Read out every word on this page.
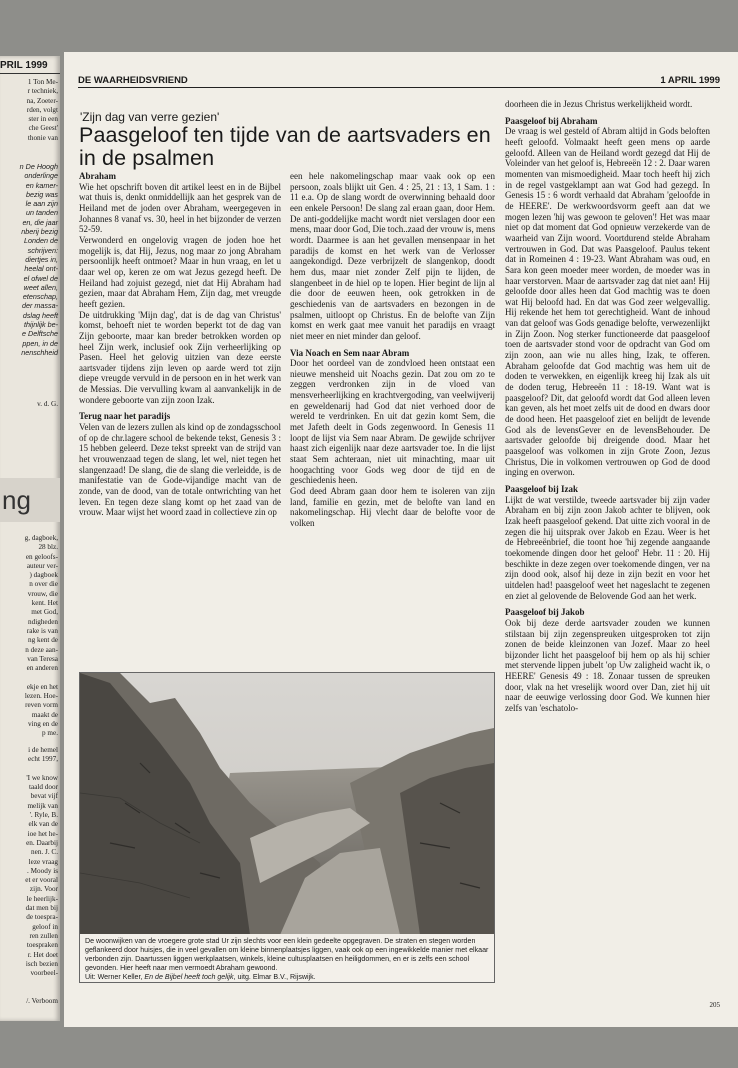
PRIL 1999
1 Ton Me-
r techniek,
na, Zoeter-
rden, volgt
ster in een
che Geest'
thonie van
n De Hoogh
onderlinge
en kamer-
bezig was
le aan zijn
un tanden
en, die jaar
nberij bezig
Londen de
schrijven:
diertjes in,
heelal ont-
el ofwel de
weet allen,
etenschap,
der massa-
dslag heeft
thijnlijk be-
e Delftsche
ppen, in de
nenschheid
v. d. G.
ng
g, dagboek,
28 blz.
en geloofs-
auteur ver-
) dagboek
n over die
vrouw, die
kent. Het
met God,
ndigheden
rake is van
ng kent de
n deze aan-
van Teresa
en anderen

ekje en het
lezen. Hoe-
reven vorm
maakt de
ving en de
p me.
i de hemel
echt 1997,

'I we know
taald door
bevat vijf
melijk van
'. Ryle, B.
elk van de
ioe het he-
en. Daarbij
nen. J. C.
leze vraag
. Moody is
et er vooral
zijn. Voor
le heerlijk-
dat men bij
de toespra-
geloof in
ren zullen
toespraken
r. Het doet
isch bezien
voorbeel-
/. Verboom
DE WAARHEIDSVRIEND	1 APRIL 1999
'Zijn dag van verre gezien'
Paasgeloof ten tijde van de aartsvaders en in de psalmen

Abraham

Wie het opschrift boven dit artikel leest en in de Bijbel wat thuis is, denkt onmiddellijk aan het gesprek van de Heiland met de joden over Abraham, weergegeven in Johannes 8 vanaf vs. 30, heel in het bijzonder de verzen 52-59.

Verwonderd en ongelovig vragen de joden hoe het mogelijk is, dat Hij, Jezus, nog maar zo jong Abraham persoonlijk heeft ontmoet? Maar in hun vraag, en let u daar wel op, keren ze om wat Jezus gezegd heeft. De Heiland had zojuist gezegd, niet dat Hij Abraham had gezien, maar dat Abraham Hem, Zijn dag, met vreugde heeft gezien.

De uitdrukking 'Mijn dag', dat is de dag van Christus' komst, behoeft niet te worden beperkt tot de dag van Zijn geboorte, maar kan breder betrokken worden op heel Zijn werk, inclusief ook Zijn verheerlijking op Pasen. Heel het gelovig uitzien van deze eerste aartsvader tijdens zijn leven op aarde werd tot zijn diepe vreugde vervuld in de persoon en in het werk van de Messias. Die vervulling kwam al aanvankelijk in de wondere geboorte van zijn zoon Izak.

Terug naar het paradijs

Velen van de lezers zullen als kind op de zondagsschool of op de chr.lagere school de bekende tekst, Genesis 3 : 15 hebben geleerd. Deze tekst spreekt van de strijd van het vrouwenzaad tegen de slang, let wel, niet tegen het slangenzaad! De slang, die de slang die verleidde, is de manifestatie van de Gode-vijandige macht van de zonde, van de dood, van de totale ontwrichting van het leven. En tegen deze slang komt op het zaad van de vrouw. Maar wijst het woord zaad in collectieve zin op

een hele nakomelingschap maar vaak ook op een persoon, zoals blijkt uit Gen. 4 : 25, 21 : 13, 1 Sam. 1 : 11 e.a. Op de slang wordt de overwinning behaald door een enkele Persoon! De slang zal eraan gaan, door Hem. De anti-goddelijke macht wordt niet verslagen door een mens, maar door God, Die toch..zaad der vrouw is, mens wordt. Daarmee is aan het gevallen mensenpaar in het paradijs de komst en het werk van de Verlosser aangekondigd. Deze verbrijzelt de slangenkop, doodt hem dus, maar niet zonder Zelf pijn te lijden, de slangenbeet in de hiel op te lopen. Hier begint de lijn al die door de eeuwen heen, ook getrokken in de geschiedenis van de aartsvaders en bezongen in de psalmen, uitloopt op Christus. En de belofte van Zijn komst en werk gaat mee vanuit het paradijs en vraagt niet meer en niet minder dan geloof.

Via Noach en Sem naar Abram

Door het oordeel van de zondvloed heen ontstaat een nieuwe mensheid uit Noachs gezin. Dat zou om zo te zeggen verdronken zijn in de vloed van mensverheerlijking en krachtvergoding, van veelwijverij en geweldenarij had God dat niet verhoed door de wereld te verdrinken. En uit dat gezin komt Sem, die met Jafeth deelt in Gods zegenwoord. In Genesis 11 loopt de lijst via Sem naar Abram. De gewijde schrijver haast zich eigenlijk naar deze aartsvader toe. In die lijst staat Sem achteraan, niet uit minachting, maar uit hoogachting voor Gods weg door de tijd en de geschiedenis heen.

God deed Abram gaan door hem te isoleren van zijn land, familie en gezin, met de belofte van land en nakomelingschap. Hij vlecht daar de belofte voor de volken

doorheen die in Jezus Christus werkelijkheid wordt.

Paasgeloof bij Abraham

De vraag is wel gesteld of Abram altijd in Gods beloften heeft geloofd. Volmaakt heeft geen mens op aarde geloofd. Alleen van de Heiland wordt gezegd dat Hij de Voleinder van het geloof is, Hebreeën 12 : 2. Daar waren momenten van mismoedigheid. Maar toch heeft hij zich in de regel vastgeklampt aan wat God had gezegd. In Genesis 15 : 6 wordt verhaald dat Abraham 'geloofde in de HEERE'. De werkwoordsvorm geeft aan dat we mogen lezen 'hij was gewoon te geloven'! Het was maar niet op dat moment dat God opnieuw verzekerde van de waarheid van Zijn woord. Voortdurend stelde Abraham vertrouwen in God. Dat was Paasgeloof. Paulus tekent dat in Romeinen 4 : 19-23. Want Abraham was oud, en Sara kon geen moeder meer worden, de moeder was in haar verstorven. Maar de aartsvader zag dat niet aan! Hij geloofde door alles heen dat God machtig was te doen wat Hij beloofd had. En dat was God zeer welgevallig. Hij rekende het hem tot gerechtigheid. Want de inhoud van dat geloof was Gods genadige belofte, verwezenlijkt in Zijn Zoon. Nog sterker functioneerde dat paasgeloof toen de aartsvader stond voor de opdracht van God om zijn zoon, aan wie nu alles hing, Izak, te offeren. Abraham geloofde dat God machtig was hem uit de doden te verwekken, en eigenlijk kreeg hij Izak als uit de doden terug, Hebreeën 11 : 18-19. Want wat is paasgeloof? Dit, dat geloofd wordt dat God alleen leven kan geven, als het moet zelfs uit de dood en dwars door de dood heen. Het paasgeloof ziet en belijdt de levende God als de levensGever en de levensBehouder. De aartsvader geloofde bij dreigende dood. Maar het paasgeloof was volkomen in zijn Grote Zoon, Jezus Christus, Die in volkomen vertrouwen op God de dood inging en overwon.

Paasgeloof bij Izak

Lijkt de wat verstilde, tweede aartsvader bij zijn vader Abraham en bij zijn zoon Jakob achter te blijven, ook Izak heeft paasgeloof gekend. Dat uitte zich vooral in de zegen die hij uitsprak over Jakob en Ezau. Weer is het de Hebreeënbrief, die toont hoe 'hij zegende aangaande toekomende dingen door het geloof' Hebr. 11 : 20. Hij beschikte in deze zegen over toekomende dingen, ver na zijn dood ook, alsof hij deze in zijn bezit en voor het uitdelen had! paasgeloof weet het nageslacht te zegenen en ziet al gelovende de Belovende God aan het werk.

Paasgeloof bij Jakob

Ook bij deze derde aartsvader zouden we kunnen stilstaan bij zijn zegenspreuken uitgesproken tot zijn zonen de beide kleinzonen van Jozef. Maar zo heel bijzonder licht het paasgeloof bij hem op als hij schier met stervende lippen jubelt 'op Uw zaligheid wacht ik, o HEERE' Genesis 49 : 18. Zonaar tussen de spreuken door, vlak na het vreselijk woord over Dan, ziet hij uit naar de eeuwige verlossing door God. We kunnen hier zelfs van 'eschatolo-

De woonwijken van de vroegere grote stad Ur zijn slechts voor een klein gedeelte opgegraven. De straten en stegen worden geflankeerd door huisjes, die in veel gevallen om kleine binnenplaatsjes liggen, vaak ook op een ingewikkelde manier met elkaar verbonden zijn. Daartussen liggen werkplaatsen, winkels, kleine cultusplaatsen en heiligdommen, en er is zelfs een school gevonden. Hier heeft naar men vermoedt Abraham gewoond.
Uit: Werner Keller, En de Bijbel heeft toch gelijk, uitg. Elmar B.V., Rijswijk.
205
